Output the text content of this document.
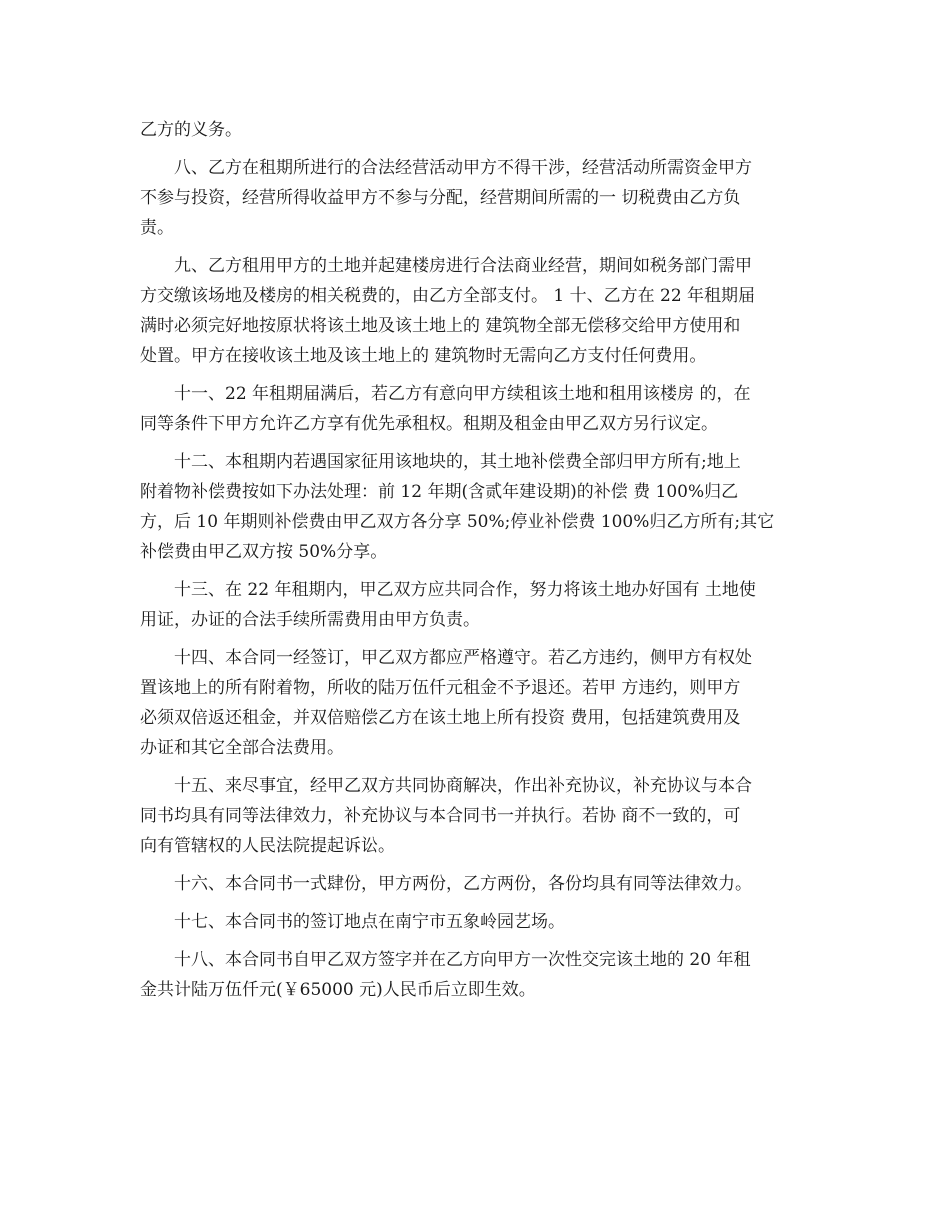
乙方的义务。
八、乙方在租期所进行的合法经营活动甲方不得干涉，经营活动所需资金甲方
不参与投资，经营所得收益甲方不参与分配，经营期间所需的一 切税费由乙方负
责。
九、乙方租用甲方的土地并起建楼房进行合法商业经营，期间如税务部门需甲
方交缴该场地及楼房的相关税费的，由乙方全部支付。 1 十、乙方在 22 年租期届
满时必须完好地按原状将该土地及该土地上的 建筑物全部无偿移交给甲方使用和
处置。甲方在接收该土地及该土地上的 建筑物时无需向乙方支付任何费用。
十一、22 年租期届满后，若乙方有意向甲方续租该土地和租用该楼房 的，在
同等条件下甲方允许乙方享有优先承租权。租期及租金由甲乙双方另行议定。
十二、本租期内若遇国家征用该地块的，其土地补偿费全部归甲方所有;地上
附着物补偿费按如下办法处理：前 12 年期(含贰年建设期)的补偿 费 100%归乙
方，后 10 年期则补偿费由甲乙双方各分享 50%;停业补偿费 100%归乙方所有;其它
补偿费由甲乙双方按 50%分享。
十三、在 22 年租期内，甲乙双方应共同合作，努力将该土地办好国有 土地使
用证，办证的合法手续所需费用由甲方负责。
十四、本合同一经签订，甲乙双方都应严格遵守。若乙方违约，侧甲方有权处
置该地上的所有附着物，所收的陆万伍仟元租金不予退还。若甲 方违约，则甲方
必须双倍返还租金，并双倍赔偿乙方在该土地上所有投资 费用，包括建筑费用及
办证和其它全部合法费用。
十五、来尽事宜，经甲乙双方共同协商解决，作出补充协议，补充协议与本合
同书均具有同等法律效力，补充协议与本合同书一并执行。若协 商不一致的，可
向有管辖权的人民法院提起诉讼。
十六、本合同书一式肆份，甲方两份，乙方两份，各份均具有同等法律效力。
十七、本合同书的签订地点在南宁市五象岭园艺场。
十八、本合同书自甲乙双方签字并在乙方向甲方一次性交完该土地的 20 年租
金共计陆万伍仟元(￥65000 元)人民币后立即生效。
